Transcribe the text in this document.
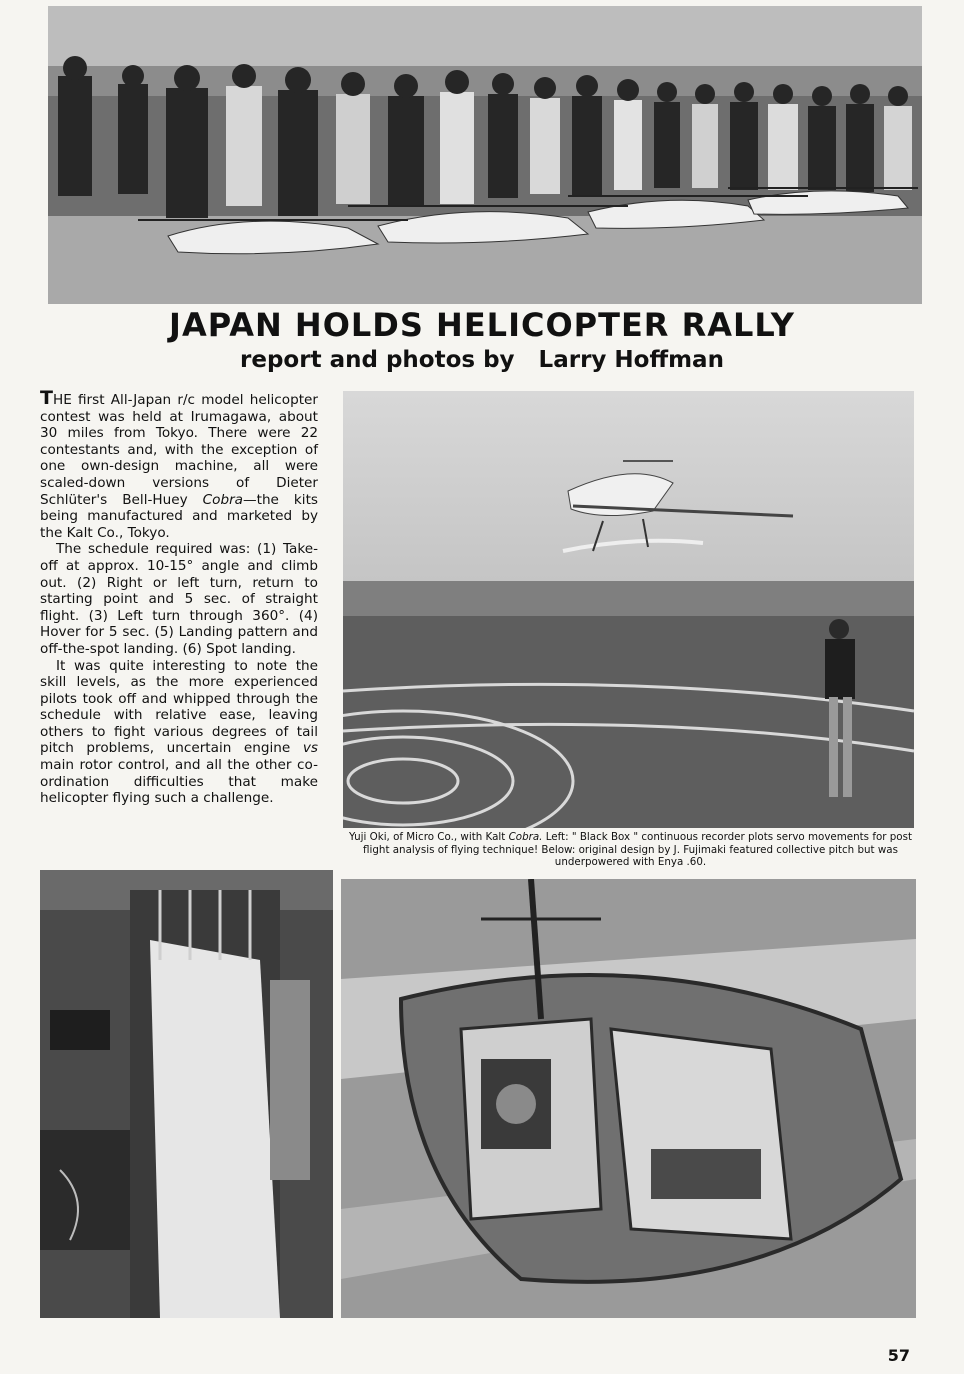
JAPAN HOLDS HELICOPTER RALLY

report and photos by Larry Hoffman

THE first All-Japan r/c model helicopter contest was held at Irumagawa, about 30 miles from Tokyo. There were 22 contestants and, with the exception of one own-design machine, all were scaled-down versions of Dieter Schlüter's Bell-Huey Cobra—the kits being manufactured and marketed by the Kalt Co., Tokyo.

The schedule required was: (1) Take-off at approx. 10-15° angle and climb out. (2) Right or left turn, return to starting point and 5 sec. of straight flight. (3) Left turn through 360°. (4) Hover for 5 sec. (5) Landing pattern and off-the-spot landing. (6) Spot landing.

It was quite interesting to note the skill levels, as the more experienced pilots took off and whipped through the schedule with relative ease, leaving others to fight various degrees of tail pitch problems, uncertain engine vs main rotor control, and all the other co-ordination difficulties that make helicopter flying such a challenge.

Yuji Oki, of Micro Co., with Kalt Cobra. Left: " Black Box " continuous recorder plots servo movements for post flight analysis of flying technique! Below: original design by J. Fujimaki featured collective pitch but was underpowered with Enya .60.

57
